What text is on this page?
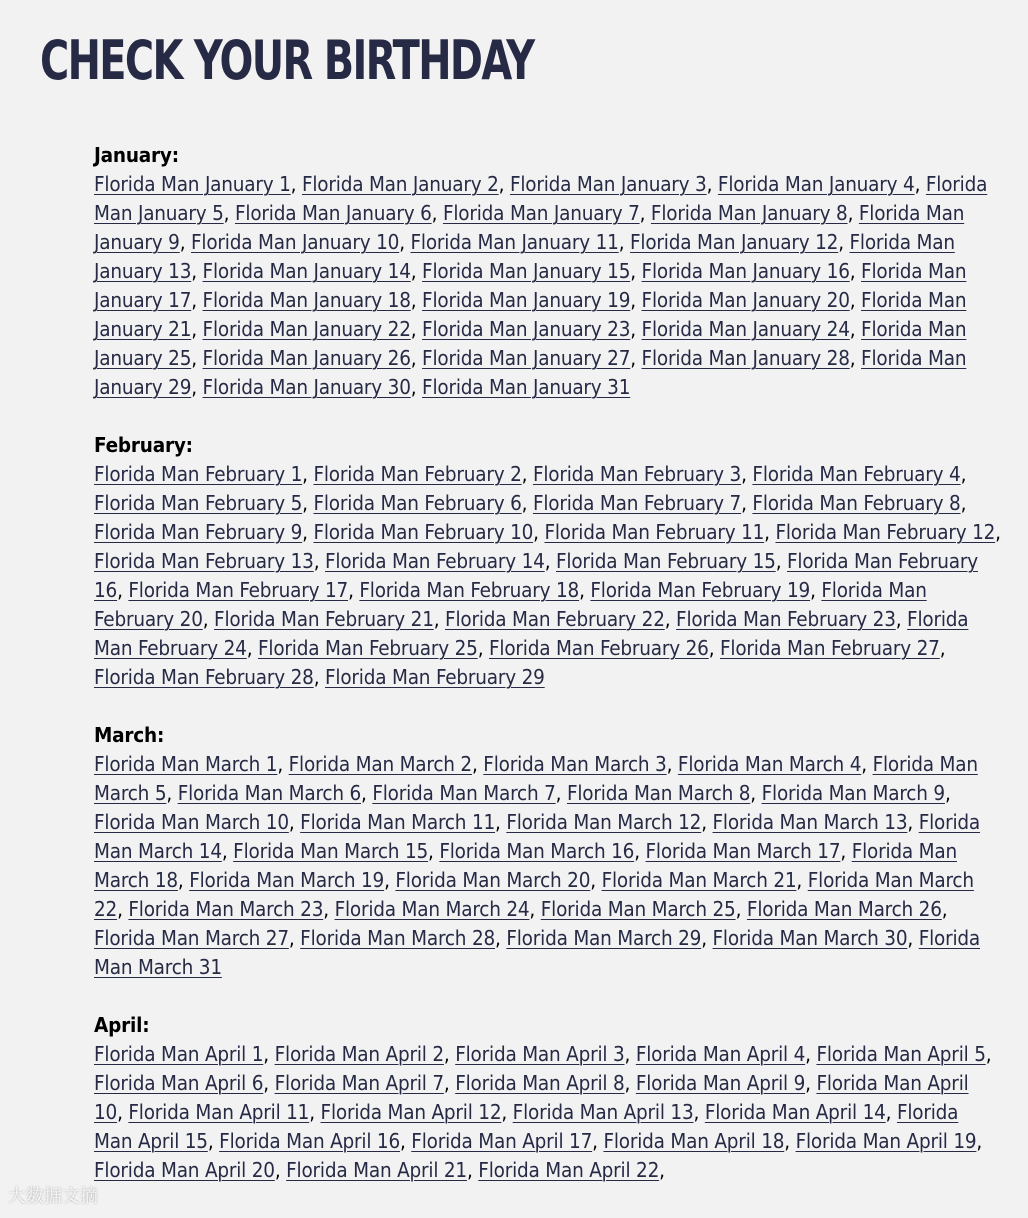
CHECK YOUR BIRTHDAY
January:
Florida Man January 1, Florida Man January 2, Florida Man January 3, Florida Man January 4, Florida Man January 5, Florida Man January 6, Florida Man January 7, Florida Man January 8, Florida Man January 9, Florida Man January 10, Florida Man January 11, Florida Man January 12, Florida Man January 13, Florida Man January 14, Florida Man January 15, Florida Man January 16, Florida Man January 17, Florida Man January 18, Florida Man January 19, Florida Man January 20, Florida Man January 21, Florida Man January 22, Florida Man January 23, Florida Man January 24, Florida Man January 25, Florida Man January 26, Florida Man January 27, Florida Man January 28, Florida Man January 29, Florida Man January 30, Florida Man January 31
February:
Florida Man February 1, Florida Man February 2, Florida Man February 3, Florida Man February 4, Florida Man February 5, Florida Man February 6, Florida Man February 7, Florida Man February 8, Florida Man February 9, Florida Man February 10, Florida Man February 11, Florida Man February 12, Florida Man February 13, Florida Man February 14, Florida Man February 15, Florida Man February 16, Florida Man February 17, Florida Man February 18, Florida Man February 19, Florida Man February 20, Florida Man February 21, Florida Man February 22, Florida Man February 23, Florida Man February 24, Florida Man February 25, Florida Man February 26, Florida Man February 27, Florida Man February 28, Florida Man February 29
March:
Florida Man March 1, Florida Man March 2, Florida Man March 3, Florida Man March 4, Florida Man March 5, Florida Man March 6, Florida Man March 7, Florida Man March 8, Florida Man March 9, Florida Man March 10, Florida Man March 11, Florida Man March 12, Florida Man March 13, Florida Man March 14, Florida Man March 15, Florida Man March 16, Florida Man March 17, Florida Man March 18, Florida Man March 19, Florida Man March 20, Florida Man March 21, Florida Man March 22, Florida Man March 23, Florida Man March 24, Florida Man March 25, Florida Man March 26, Florida Man March 27, Florida Man March 28, Florida Man March 29, Florida Man March 30, Florida Man March 31
April:
Florida Man April 1, Florida Man April 2, Florida Man April 3, Florida Man April 4, Florida Man April 5, Florida Man April 6, Florida Man April 7, Florida Man April 8, Florida Man April 9, Florida Man April 10, Florida Man April 11, Florida Man April 12, Florida Man April 13, Florida Man April 14, Florida Man April 15, Florida Man April 16, Florida Man April 17, Florida Man April 18, Florida Man April 19, Florida Man April 20, Florida Man April 21, Florida Man April 22,
大数据文摘
